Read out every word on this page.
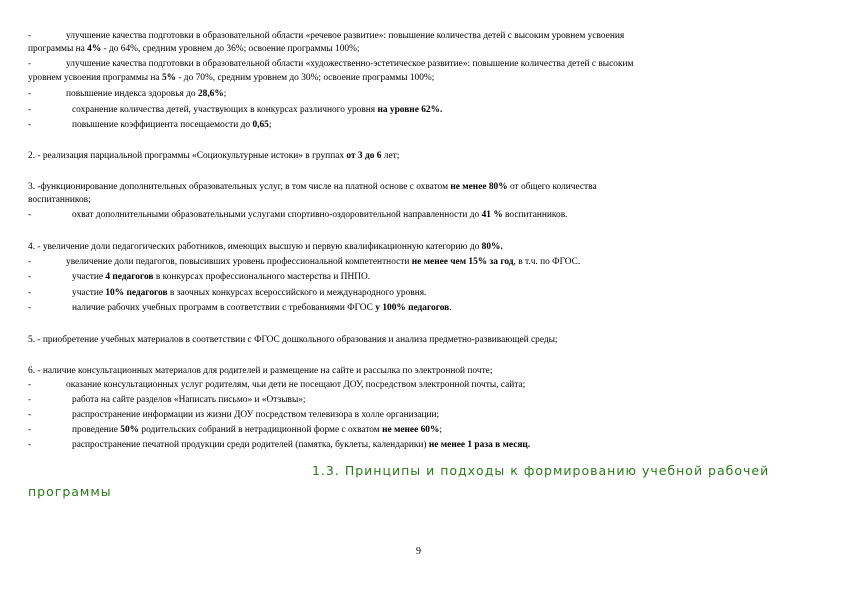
-	улучшение качества подготовки в образовательной области «речевое развитие»: повышение количества детей с высоким уровнем усвоения
программы на 4% - до 64%, средним уровнем до 36%; освоение программы 100%;
-	улучшение качества подготовки в образовательной области «художественно-эстетическое развитие»: повышение количества детей с высоким
уровнем усвоения программы на 5% - до 70%, средним уровнем до 30%; освоение программы 100%;
-	повышение индекса здоровья до 28,6%;
-	сохранение количества детей, участвующих в конкурсах различного уровня на уровне 62%.
-	повышение коэффициента посещаемости до 0,65;
2. - реализация парциальной программы «Социокультурные истоки» в группах от 3 до 6 лет;
3. -функционирование дополнительных образовательных услуг, в том числе на платной основе с охватом не менее 80% от общего количества
воспитанников;
-	охват дополнительными образовательными услугами спортивно-оздоровительной направленности до 41 % воспитанников.
4. - увеличение доли педагогических работников, имеющих высшую и первую квалификационную категорию до 80%.
-	увеличение доли педагогов, повысивших уровень профессиональной компетентности не менее чем 15% за год, в т.ч. по ФГОС.
-	участие 4 педагогов в конкурсах профессионального мастерства и ПНПО.
-	участие 10% педагогов в заочных конкурсах всероссийского и международного уровня.
-	наличие рабочих учебных программ в соответствии с требованиями ФГОС у 100% педагогов.
5. - приобретение учебных материалов в соответствии с ФГОС дошкольного образования и анализа предметно-развивающей среды;
6. - наличие консультационных материалов для родителей и размещение на сайте и рассылка по электронной почте;
-	оказание консультационных услуг родителям, чьи дети не посещают ДОУ, посредством электронной почты, сайта;
-	работа на сайте разделов «Написать письмо» и «Отзывы»;
-	распространение информации из жизни ДОУ посредством телевизора в холле организации;
-	проведение 50% родительских собраний в нетрадиционной форме с охватом не менее 60%;
-	распространение печатной продукции среди родителей (памятка, буклеты, календарики) не менее 1 раза в месяц.
1.3. Принципы и подходы к формированию учебной рабочей
программы
9
